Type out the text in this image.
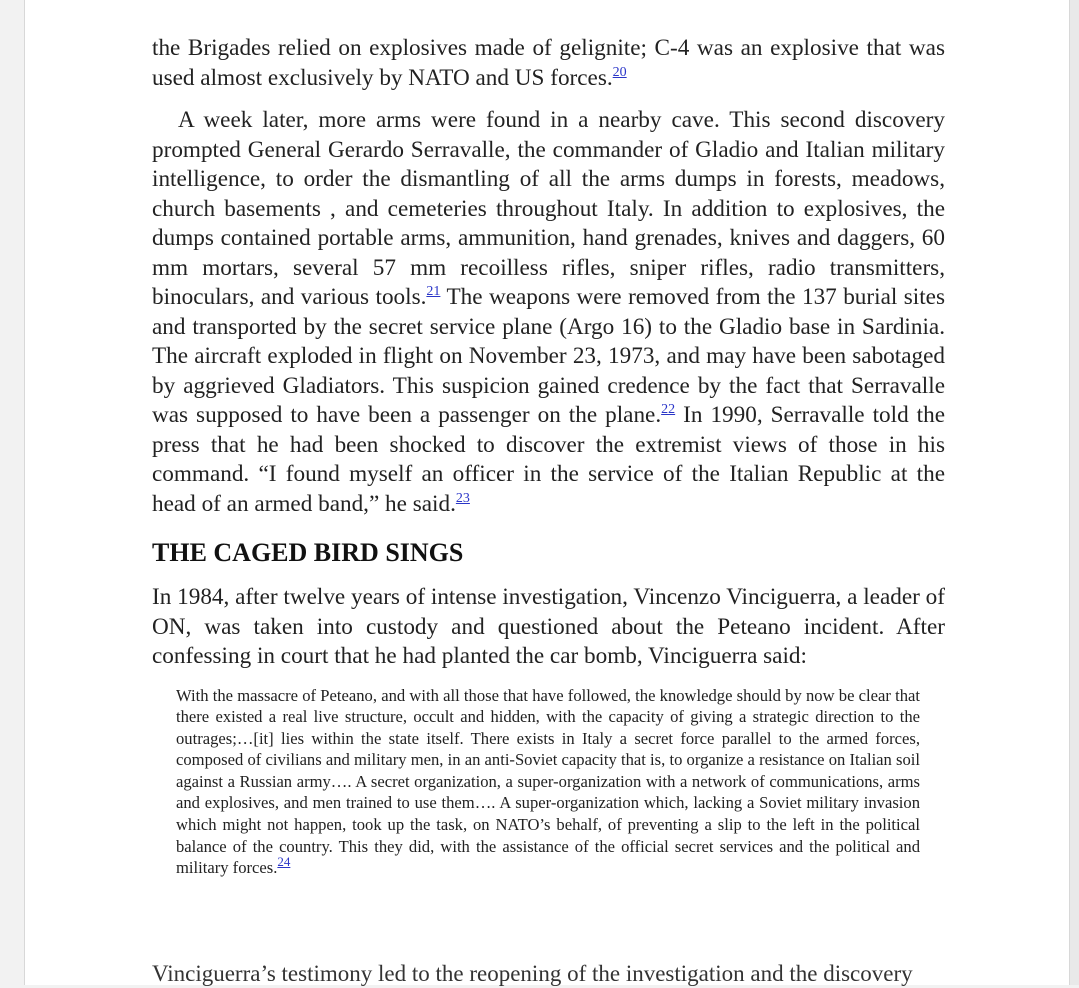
the Brigades relied on explosives made of gelignite; C-4 was an explosive that was used almost exclusively by NATO and US forces.$^{20}$

A week later, more arms were found in a nearby cave. This second discovery prompted General Gerardo Serravalle, the commander of Gladio and Italian military intelligence, to order the dismantling of all the arms dumps in forests, meadows, church basements , and cemeteries throughout Italy. In addition to explosives, the dumps contained portable arms, ammunition, hand grenades, knives and daggers, 60 mm mortars, several 57 mm recoilless rifles, sniper rifles, radio transmitters, binoculars, and various tools.$^{21}$ The weapons were removed from the 137 burial sites and transported by the secret service plane (Argo 16) to the Gladio base in Sardinia. The aircraft exploded in flight on November 23, 1973, and may have been sabotaged by aggrieved Gladiators. This suspicion gained credence by the fact that Serravalle was supposed to have been a passenger on the plane.$^{22}$ In 1990, Serravalle told the press that he had been shocked to discover the extremist views of those in his command. “I found myself an officer in the service of the Italian Republic at the head of an armed band,” he said.$^{23}$

THE CAGED BIRD SINGS

In 1984, after twelve years of intense investigation, Vincenzo Vinciguerra, a leader of ON, was taken into custody and questioned about the Peteano incident. After confessing in court that he had planted the car bomb, Vinciguerra said:

With the massacre of Peteano, and with all those that have followed, the knowledge should by now be clear that there existed a real live structure, occult and hidden, with the capacity of giving a strategic direction to the outrages;…[it] lies within the state itself. There exists in Italy a secret force parallel to the armed forces, composed of civilians and military men, in an anti-Soviet capacity that is, to organize a resistance on Italian soil against a Russian army…. A secret organization, a super-organization with a network of communications, arms and explosives, and men trained to use them…. A super-organization which, lacking a Soviet military invasion which might not happen, took up the task, on NATO’s behalf, of preventing a slip to the left in the political balance of the country. This they did, with the assistance of the official secret services and the political and military forces.$^{24}$
Vinciguerra’s testimony led to the reopening of the investigation and the discovery
